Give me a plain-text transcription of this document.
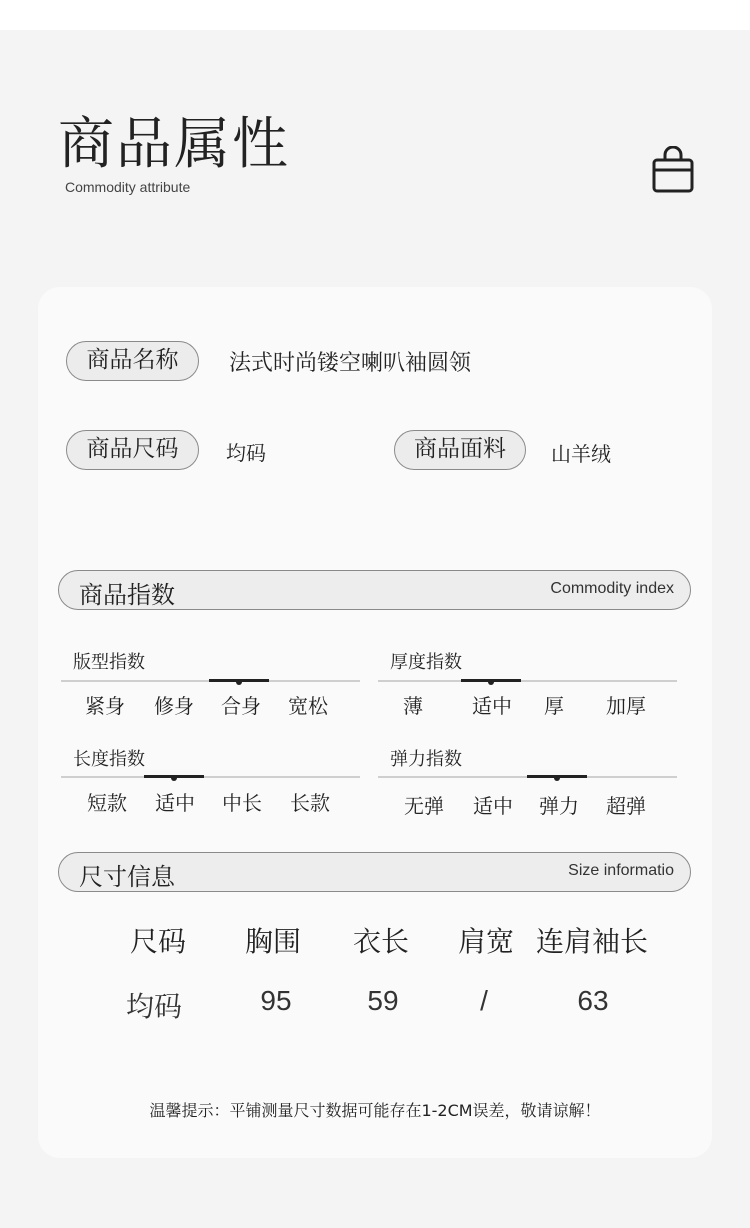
商品属性
Commodity attribute
商品名称	法式时尚镂空喇叭袖圆领
商品尺码	均码	商品面料	山羊绒
商品指数	Commodity index
版型指数
紧身	修身	合身	宽松
厚度指数
薄	适中	厚	加厚
长度指数
短款	适中	中长	长款
弹力指数
无弹	适中	弹力	超弹
尺寸信息	Size informatio
尺码	胸围	衣长	肩宽 连肩袖长
均码	95	59	/	63
温馨提示：平铺测量尺寸数据可能存在1-2CM误差，敬请谅解！
